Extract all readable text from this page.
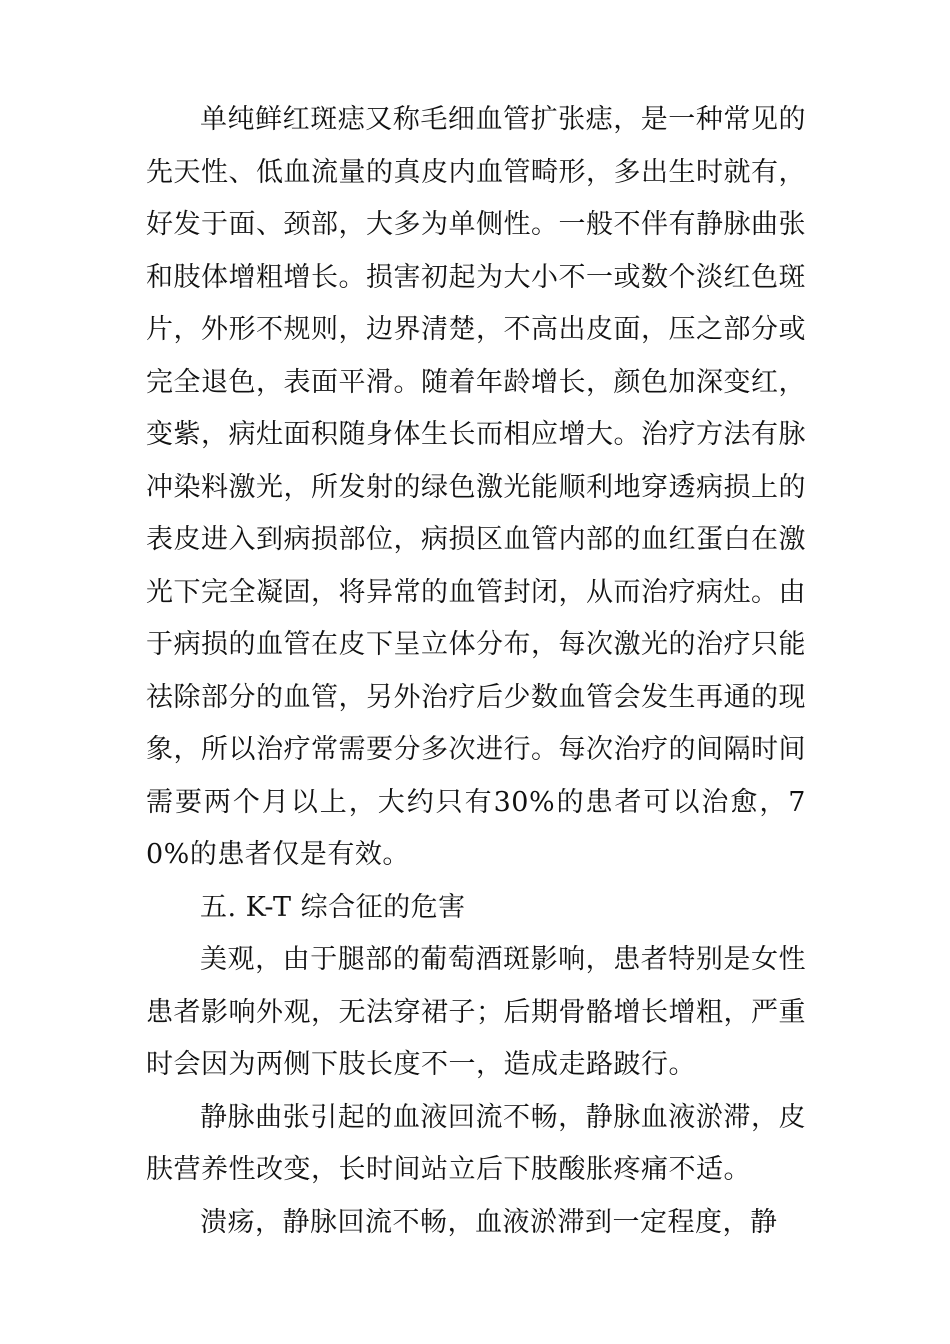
单纯鲜红斑痣又称毛细血管扩张痣，是一种常见的先天性、低血流量的真皮内血管畸形，多出生时就有，好发于面、颈部，大多为单侧性。一般不伴有静脉曲张和肢体增粗增长。损害初起为大小不一或数个淡红色斑片，外形不规则，边界清楚，不高出皮面，压之部分或完全退色，表面平滑。随着年龄增长，颜色加深变红，变紫，病灶面积随身体生长而相应增大。治疗方法有脉冲染料激光，所发射的绿色激光能顺利地穿透病损上的表皮进入到病损部位，病损区血管内部的血红蛋白在激光下完全凝固，将异常的血管封闭，从而治疗病灶。由于病损的血管在皮下呈立体分布，每次激光的治疗只能祛除部分的血管，另外治疗后少数血管会发生再通的现象，所以治疗常需要分多次进行。每次治疗的间隔时间需要两个月以上，大约只有30%的患者可以治愈，70%的患者仅是有效。

五. K-T 综合征的危害

美观，由于腿部的葡萄酒斑影响，患者特别是女性患者影响外观，无法穿裙子；后期骨骼增长增粗，严重时会因为两侧下肢长度不一，造成走路跛行。

静脉曲张引起的血液回流不畅，静脉血液淤滞，皮肤营养性改变，长时间站立后下肢酸胀疼痛不适。

溃疡，静脉回流不畅，血液淤滞到一定程度，静
